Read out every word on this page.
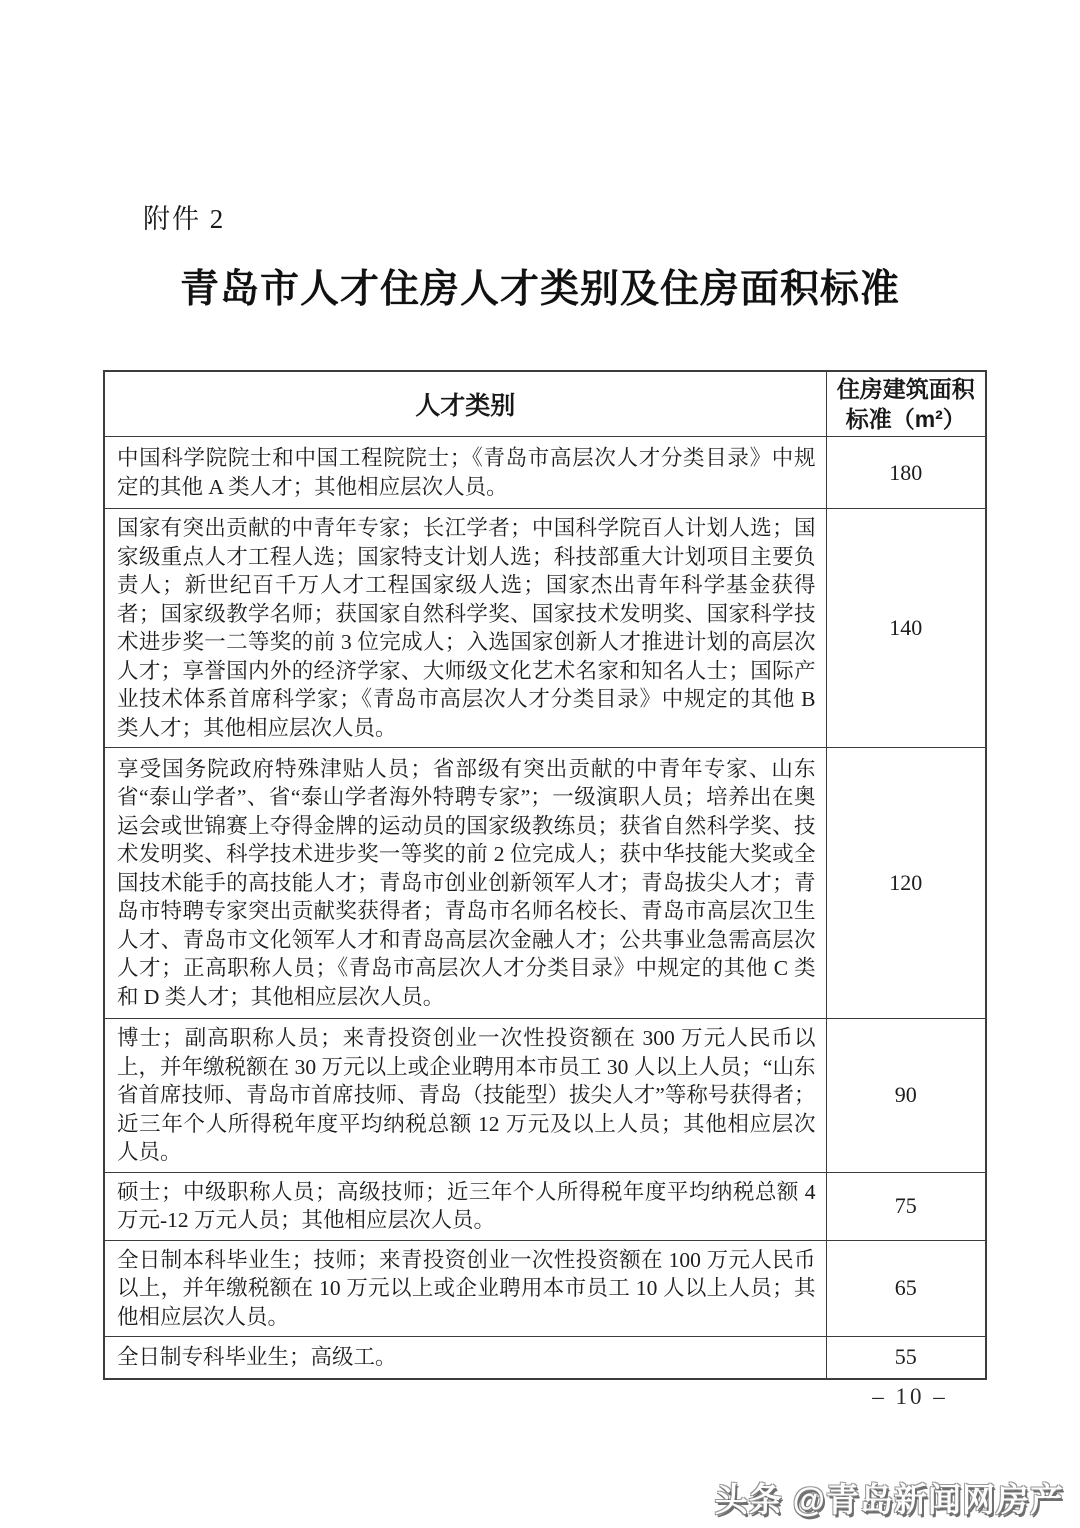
附件 2
青岛市人才住房人才类别及住房面积标准
人才类别	住房建筑面积标准（m²）
中国科学院院士和中国工程院院士；《青岛市高层次人才分类目录》中规定的其他 A 类人才；其他相应层次人员。	180
国家有突出贡献的中青年专家；长江学者；中国科学院百人计划人选；国家级重点人才工程人选；国家特支计划人选；科技部重大计划项目主要负责人；新世纪百千万人才工程国家级人选；国家杰出青年科学基金获得者；国家级教学名师；获国家自然科学奖、国家技术发明奖、国家科学技术进步奖一二等奖的前 3 位完成人；入选国家创新人才推进计划的高层次人才；享誉国内外的经济学家、大师级文化艺术名家和知名人士；国际产业技术体系首席科学家；《青岛市高层次人才分类目录》中规定的其他 B 类人才；其他相应层次人员。	140
享受国务院政府特殊津贴人员；省部级有突出贡献的中青年专家、山东省“泰山学者”、省“泰山学者海外特聘专家”；一级演职人员；培养出在奥运会或世锦赛上夺得金牌的运动员的国家级教练员；获省自然科学奖、技术发明奖、科学技术进步奖一等奖的前 2 位完成人；获中华技能大奖或全国技术能手的高技能人才；青岛市创业创新领军人才；青岛拔尖人才；青岛市特聘专家突出贡献奖获得者；青岛市名师名校长、青岛市高层次卫生人才、青岛市文化领军人才和青岛高层次金融人才；公共事业急需高层次人才；正高职称人员；《青岛市高层次人才分类目录》中规定的其他 C 类和 D 类人才；其他相应层次人员。	120
博士；副高职称人员；来青投资创业一次性投资额在 300 万元人民币以上，并年缴税额在 30 万元以上或企业聘用本市员工 30 人以上人员；“山东省首席技师、青岛市首席技师、青岛（技能型）拔尖人才”等称号获得者；近三年个人所得税年度平均纳税总额 12 万元及以上人员；其他相应层次人员。	90
硕士；中级职称人员；高级技师；近三年个人所得税年度平均纳税总额 4 万元-12 万元人员；其他相应层次人员。	75
全日制本科毕业生；技师；来青投资创业一次性投资额在 100 万元人民币以上，并年缴税额在 10 万元以上或企业聘用本市员工 10 人以上人员；其他相应层次人员。	65
全日制专科毕业生；高级工。	55
– 10 –
头条 @青岛新闻网房产
